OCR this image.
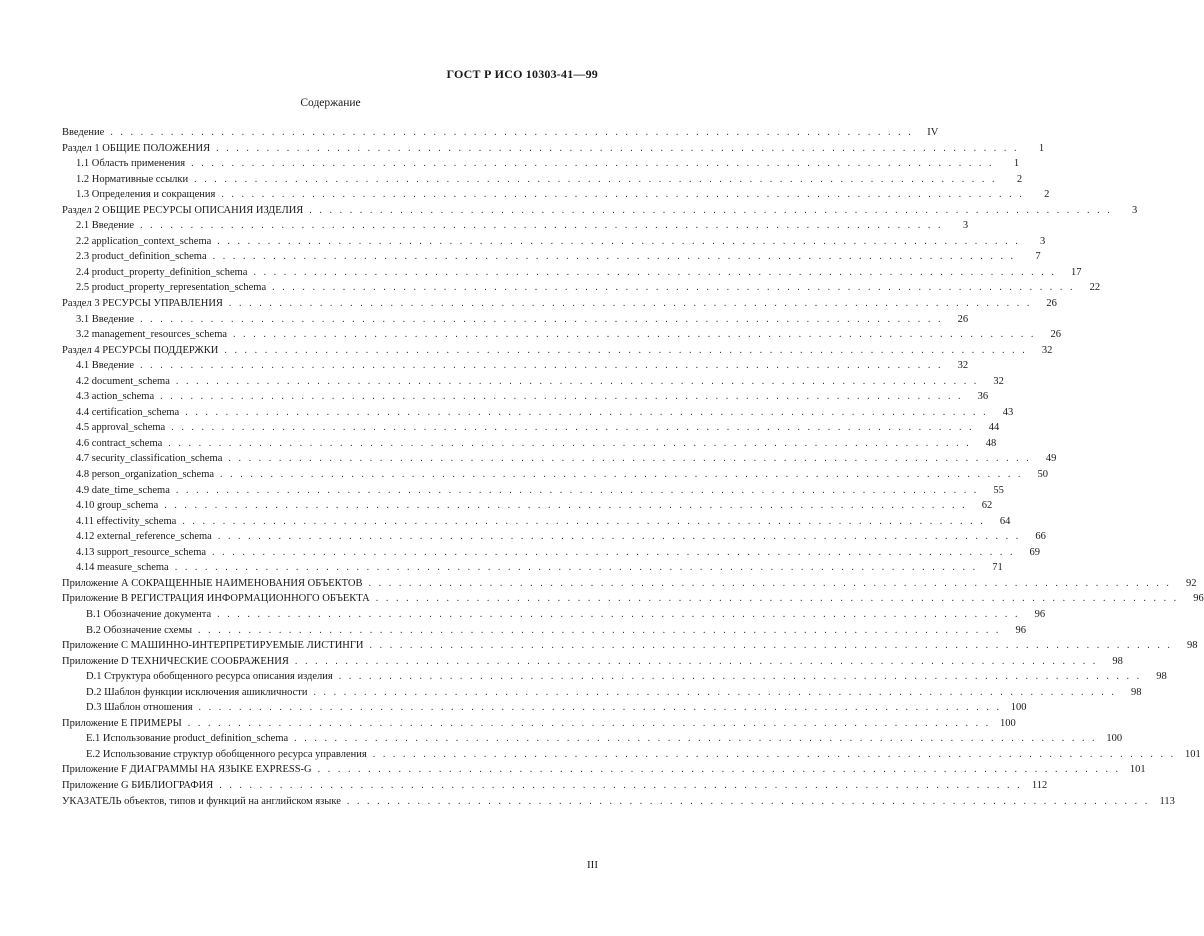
ГОСТ Р ИСО 10303-41—99
Содержание
Введение ................................................................................ IV
Раздел 1 ОБЩИЕ ПОЛОЖЕНИЯ ................................................................................	1
1.1 Область применения ................................................................................	1
1.2 Нормативные ссылки ................................................................................	2
1.3 Определения и сокращения ................................................................................	2
Раздел 2 ОБЩИЕ РЕСУРСЫ ОПИСАНИЯ ИЗДЕЛИЯ ................................................................................	3
2.1 Введение ................................................................................	3
2.2 application_context_schema ................................................................................	3
2.3 product_definition_schema ................................................................................	7
2.4 product_property_definition_schema ................................................................................ 17
2.5 product_property_representation_schema ................................................................................ 22
Раздел 3 РЕСУРСЫ УПРАВЛЕНИЯ ................................................................................ 26
3.1 Введение ................................................................................ 26
3.2 management_resources_schema ................................................................................ 26
Раздел 4 РЕСУРСЫ ПОДДЕРЖКИ ................................................................................ 32
4.1 Введение ................................................................................ 32
4.2 document_schema ................................................................................ 32
4.3 action_schema ................................................................................ 36
4.4 certification_schema ................................................................................ 43
4.5 approval_schema ................................................................................ 44
4.6 contract_schema ................................................................................ 48
4.7 security_classification_schema ................................................................................ 49
4.8 person_organization_schema ................................................................................ 50
4.9 date_time_schema ................................................................................ 55
4.10 group_schema ................................................................................ 62
4.11 effectivity_schema ................................................................................ 64
4.12 external_reference_schema ................................................................................ 66
4.13 support_resource_schema ................................................................................ 69
4.14 measure_schema ................................................................................ 71
Приложение А СОКРАЩЕННЫЕ НАИМЕНОВАНИЯ ОБЪЕКТОВ ................................................................................ 92
Приложение В РЕГИСТРАЦИЯ ИНФОРМАЦИОННОГО ОБЪЕКТА ................................................................................ 96
В.1 Обозначение документа ................................................................................ 96
В.2 Обозначение схемы ................................................................................ 96
Приложение С МАШИННО-ИНТЕРПРЕТИРУЕМЫЕ ЛИСТИНГИ ................................................................................ 98
Приложение D ТЕХНИЧЕСКИЕ СООБРАЖЕНИЯ ................................................................................ 98
D.1 Структура обобщенного ресурса описания изделия ................................................................................ 98
D.2 Шаблон функции исключения ашикличности ................................................................................ 98
D.3 Шаблон отношения ................................................................................ 100
Приложение Е ПРИМЕРЫ ................................................................................ 100
Е.1 Использование product_definition_schema ................................................................................ 100
Е.2 Использование структур обобщенного ресурса управления ................................................................................ 101
Приложение F ДИАГРАММЫ НА ЯЗЫКЕ EXPRESS-G ................................................................................ 101
Приложение G БИБЛИОГРАФИЯ ................................................................................ 112
УКАЗАТЕЛЬ объектов, типов и функций на английском языке ................................................................................ 113
III
